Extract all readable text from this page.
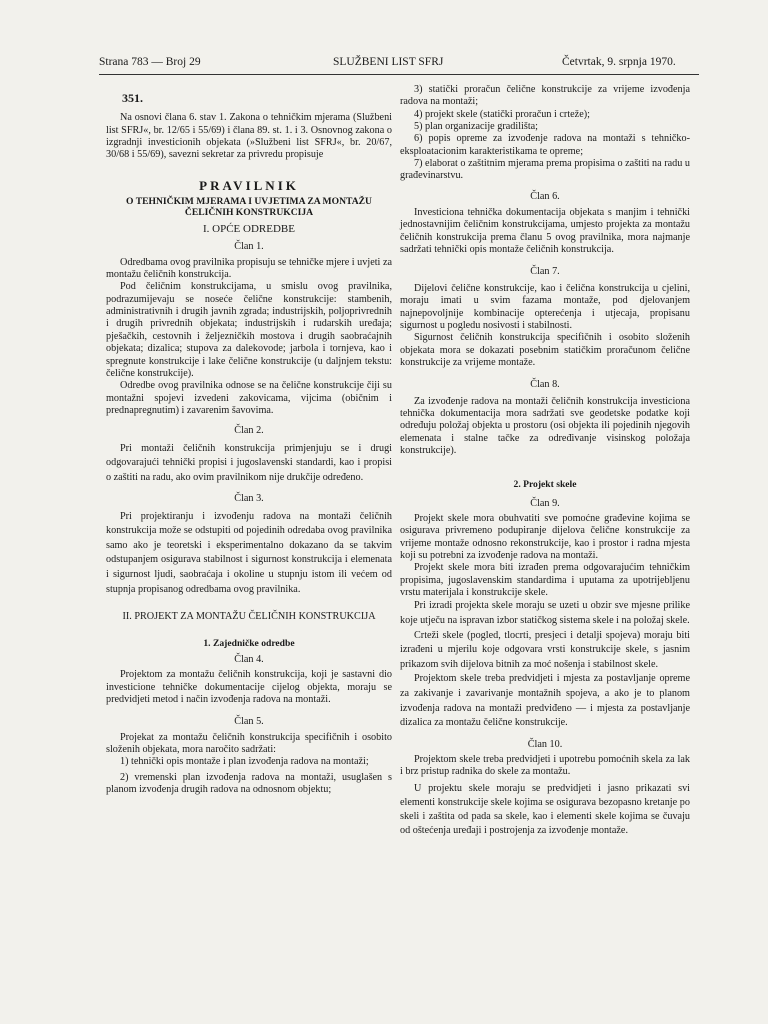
Strana 783 — Broj 29	SLUŽBENI LIST SFRJ	Četvrtak, 9. srpnja 1970.

351.

Na osnovi člana 6. stav 1. Zakona o tehničkim mjerama (Službeni list SFRJ«, br. 12/65 i 55/69) i člana 89. st. 1. i 3. Osnovnog zakona o izgradnji investicionih objekata (»Službeni list SFRJ«, br. 20/67, 30/68 i 55/69), savezni sekretar za privredu propisuje

PRAVILNIK

O TEHNIČKIM MJERAMA I UVJETIMA ZA MONTAŽU ČELIČNIH KONSTRUKCIJA

I. OPĆE ODREDBE

Član 1.

Odredbama ovog pravilnika propisuju se tehničke mjere i uvjeti za montažu čeličnih konstrukcija.

Pod čeličnim konstrukcijama, u smislu ovog pravilnika, podrazumijevaju se noseće čelične konstrukcije: stambenih, administrativnih i drugih javnih zgrada; industrijskih, poljoprivrednih i drugih privrednih objekata; industrijskih i rudarskih uređaja; pješačkih, cestovnih i željezničkih mostova i drugih saobraćajnih objekata; dizalica; stupova za dalekovode; jarbola i tornjeva, kao i spregnute konstrukcije i lake čelične konstrukcije (u daljnjem tekstu: čelične konstrukcije).

Odredbe ovog pravilnika odnose se na čelične konstrukcije čiji su montažni spojevi izvedeni zakovicama, vijcima (običnim i prednapregnutim) i zavarenim šavovima.

Član 2.

Pri montaži čeličnih konstrukcija primjenjuju se i drugi odgovarajući tehnički propisi i jugoslavenski standardi, kao i propisi o zaštiti na radu, ako ovim pravilnikom nije drukčije određeno.

Član 3.

Pri projektiranju i izvođenju radova na montaži čeličnih konstrukcija može se odstupiti od pojedinih odredaba ovog pravilnika samo ako je teoretski i eksperimentalno dokazano da se takvim odstupanjem osigurava stabilnost i sigurnost konstrukcija i elemenata i sigurnost ljudi, saobraćaja i okoline u stupnju istom ili većem od stupnja propisanog odredbama ovog pravilnika.

II. PROJEKT ZA MONTAŽU ČELIČNIH KONSTRUKCIJA

1. Zajedničke odredbe

Član 4.

Projektom za montažu čeličnih konstrukcija, koji je sastavni dio investicione tehničke dokumentacije cijelog objekta, moraju se predvidjeti metod i način izvođenja radova na montaži.

Član 5.

Projekat za montažu čeličnih konstrukcija specifičnih i osobito složenih objekata, mora naročito sadržati:

1) tehnički opis montaže i plan izvođenja radova na montaži;

2) vremenski plan izvođenja radova na montaži, usuglašen s planom izvođenja drugih radova na odnosnom objektu;

3) statički proračun čelične konstrukcije za vrijeme izvođenja radova na montaži;

4) projekt skele (statički proračun i crteže);

5) plan organizacije gradilišta;

6) popis opreme za izvođenje radova na montaži s tehničko-eksploatacionim karakteristikama te opreme;

7) elaborat o zaštitnim mjerama prema propisima o zaštiti na radu u građevinarstvu.

Član 6.

Investiciona tehnička dokumentacija objekata s manjim i tehnički jednostavnijim čeličnim konstrukcijama, umjesto projekta za montažu čeličnih konstrukcija prema članu 5 ovog pravilnika, mora najmanje sadržati tehnički opis montaže čeličnih konstrukcija.

Član 7.

Dijelovi čelične konstrukcije, kao i čelična konstrukcija u cjelini, moraju imati u svim fazama montaže, pod djelovanjem najnepovoljnije kombinacije opterećenja i utjecaja, propisanu sigurnost u pogledu nosivosti i stabilnosti.

Sigurnost čeličnih konstrukcija specifičnih i osobito složenih objekata mora se dokazati posebnim statičkim proračunom čelične konstrukcije za vrijeme montaže.

Član 8.

Za izvođenje radova na montaži čeličnih konstrukcija investiciona tehnička dokumentacija mora sadržati sve geodetske podatke koji određuju položaj objekta u prostoru (osi objekta ili pojedinih njegovih elemenata i stalne tačke za određivanje visinskog položaja konstrukcije).

2. Projekt skele

Član 9.

Projekt skele mora obuhvatiti sve pomoćne građevine kojima se osigurava privremeno podupiranje dijelova čelične konstrukcije za vrijeme montaže odnosno rekonstrukcije, kao i prostor i radna mjesta koji su potrebni za izvođenje radova na montaži.

Projekt skele mora biti izrađen prema odgovarajućim tehničkim propisima, jugoslavenskim standardima i uputama za upotrijebljenu vrstu materijala i konstrukcije skele.

Pri izradi projekta skele moraju se uzeti u obzir sve mjesne prilike koje utječu na ispravan izbor statičkog sistema skele i na položaj skele.

Crteži skele (pogled, tlocrti, presjeci i detalji spojeva) moraju biti izrađeni u mjerilu koje odgovara vrsti konstrukcije skele, s jasnim prikazom svih dijelova bitnih za moć nošenja i stabilnost skele.

Projektom skele treba predvidjeti i mjesta za postavljanje opreme za zakivanje i zavarivanje montažnih spojeva, a ako je to planom izvođenja radova na montaži predviđeno — i mjesta za postavljanje dizalica za montažu čelične konstrukcije.

Član 10.

Projektom skele treba predvidjeti i upotrebu pomoćnih skela za lak i brz pristup radnika do skele za montažu.

U projektu skele moraju se predvidjeti i jasno prikazati svi elementi konstrukcije skele kojima se osigurava bezopasno kretanje po skeli i zaštita od pada sa skele, kao i elementi skele kojima se čuvaju od oštećenja uređaji i postrojenja za izvođenje montaže.
